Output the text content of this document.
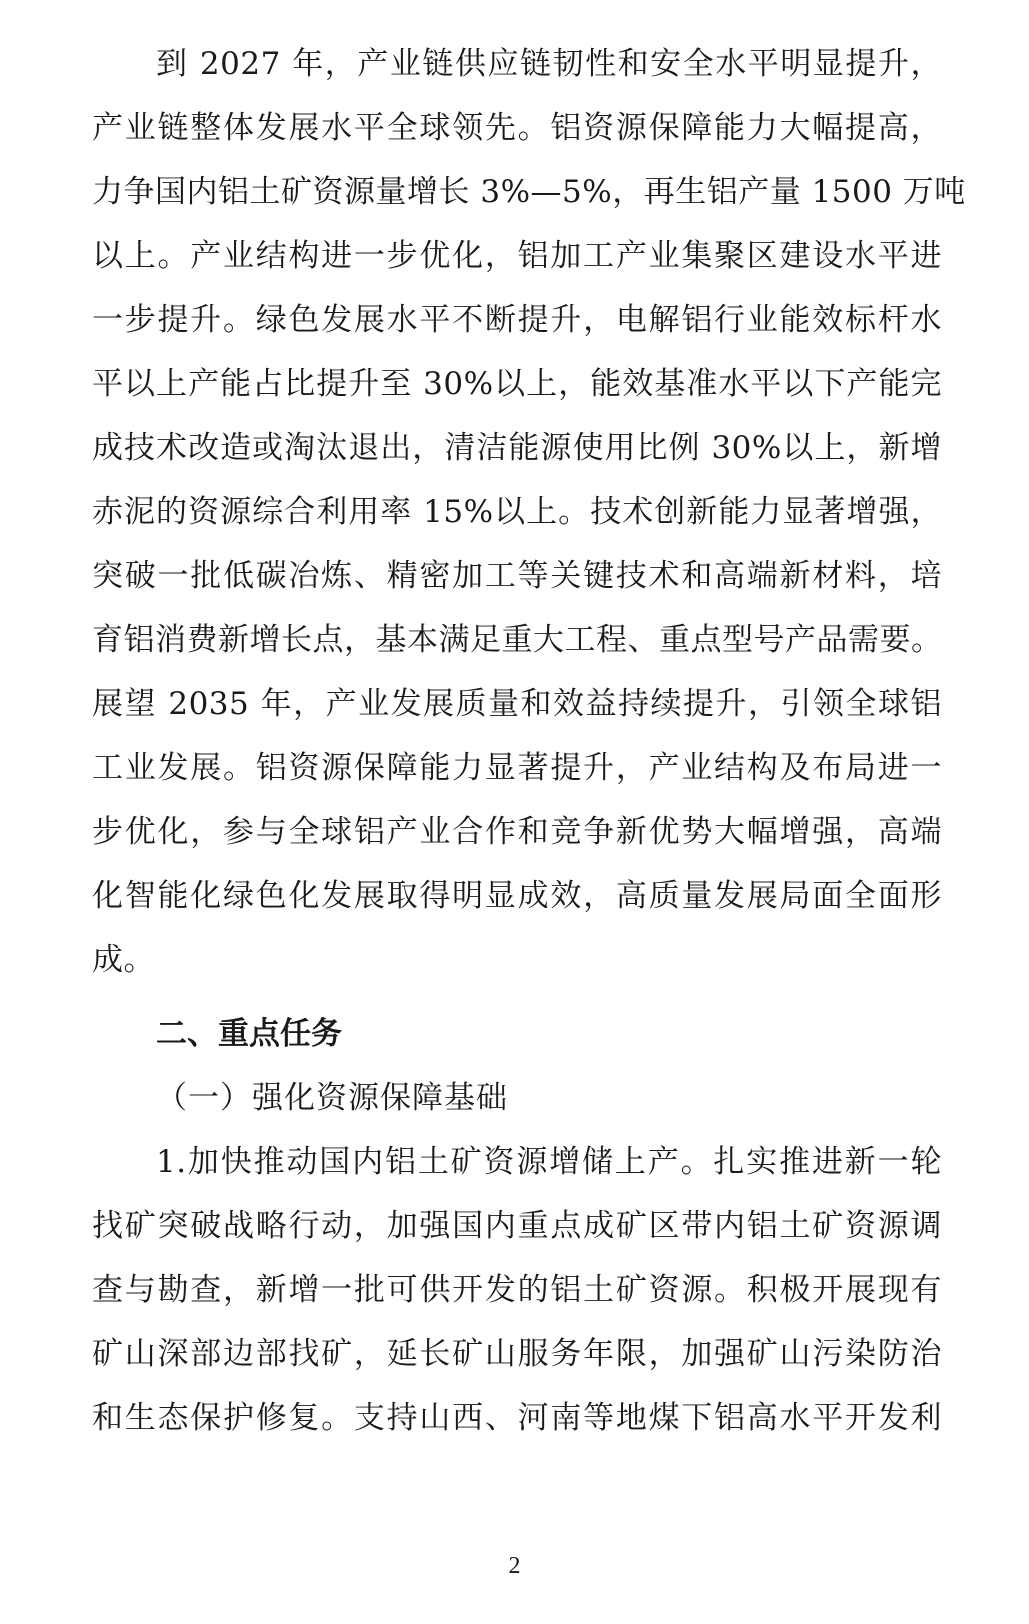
到 2027 年，产业链供应链韧性和安全水平明显提升，
产业链整体发展水平全球领先。铝资源保障能力大幅提高，
力争国内铝土矿资源量增长 3%—5%，再生铝产量 1500 万吨
以上。产业结构进一步优化，铝加工产业集聚区建设水平进
一步提升。绿色发展水平不断提升，电解铝行业能效标杆水
平以上产能占比提升至 30%以上，能效基准水平以下产能完
成技术改造或淘汰退出，清洁能源使用比例 30%以上，新增
赤泥的资源综合利用率 15%以上。技术创新能力显著增强，
突破一批低碳冶炼、精密加工等关键技术和高端新材料，培
育铝消费新增长点，基本满足重大工程、重点型号产品需要。
展望 2035 年，产业发展质量和效益持续提升，引领全球铝
工业发展。铝资源保障能力显著提升，产业结构及布局进一
步优化，参与全球铝产业合作和竞争新优势大幅增强，高端
化智能化绿色化发展取得明显成效，高质量发展局面全面形
成。
二、重点任务
（一）强化资源保障基础
1.加快推动国内铝土矿资源增储上产。扎实推进新一轮
找矿突破战略行动，加强国内重点成矿区带内铝土矿资源调
查与勘查，新增一批可供开发的铝土矿资源。积极开展现有
矿山深部边部找矿，延长矿山服务年限，加强矿山污染防治
和生态保护修复。支持山西、河南等地煤下铝高水平开发利
2
